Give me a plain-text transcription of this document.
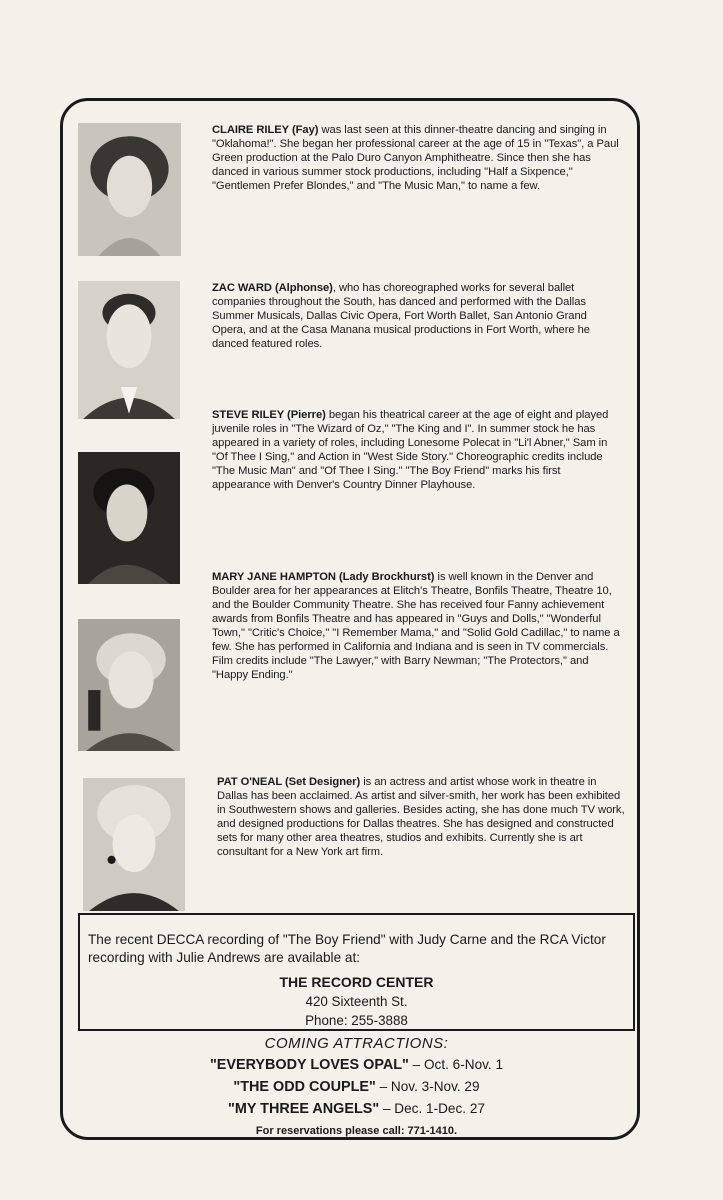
CLAIRE RILEY (Fay) was last seen at this dinner-theatre dancing and singing in "Oklahoma!". She began her professional career at the age of 15 in "Texas", a Paul Green production at the Palo Duro Canyon Amphitheatre. Since then she has danced in various summer stock productions, including "Half a Sixpence," "Gentlemen Prefer Blondes," and "The Music Man," to name a few.
ZAC WARD (Alphonse), who has choreographed works for several ballet companies throughout the South, has danced and performed with the Dallas Summer Musicals, Dallas Civic Opera, Fort Worth Ballet, San Antonio Grand Opera, and at the Casa Manana musical productions in Fort Worth, where he danced featured roles.
STEVE RILEY (Pierre) began his theatrical career at the age of eight and played juvenile roles in "The Wizard of Oz," "The King and I". In summer stock he has appeared in a variety of roles, including Lonesome Polecat in "Li'l Abner," Sam in "Of Thee I Sing," and Action in "West Side Story." Choreographic credits include "The Music Man" and "Of Thee I Sing." "The Boy Friend" marks his first appearance with Denver's Country Dinner Playhouse.
MARY JANE HAMPTON (Lady Brockhurst) is well known in the Denver and Boulder area for her appearances at Elitch's Theatre, Bonfils Theatre, Theatre 10, and the Boulder Community Theatre. She has received four Fanny achievement awards from Bonfils Theatre and has appeared in "Guys and Dolls," "Wonderful Town," "Critic's Choice," "I Remember Mama," and "Solid Gold Cadillac," to name a few. She has performed in California and Indiana and is seen in TV commercials. Film credits include "The Lawyer," with Barry Newman; "The Protectors," and "Happy Ending."
PAT O'NEAL (Set Designer) is an actress and artist whose work in theatre in Dallas has been acclaimed. As artist and silver-smith, her work has been exhibited in Southwestern shows and galleries. Besides acting, she has done much TV work, and designed productions for Dallas theatres. She has designed and constructed sets for many other area theatres, studios and exhibits. Currently she is art consultant for a New York art firm.
The recent DECCA recording of "The Boy Friend" with Judy Carne and the RCA Victor recording with Julie Andrews are available at:
THE RECORD CENTER
420 Sixteenth St.
Phone: 255-3888
COMING ATTRACTIONS:
"EVERYBODY LOVES OPAL" – Oct. 6-Nov. 1
"THE ODD COUPLE" – Nov. 3-Nov. 29
"MY THREE ANGELS" – Dec. 1-Dec. 27
For reservations please call: 771-1410.
